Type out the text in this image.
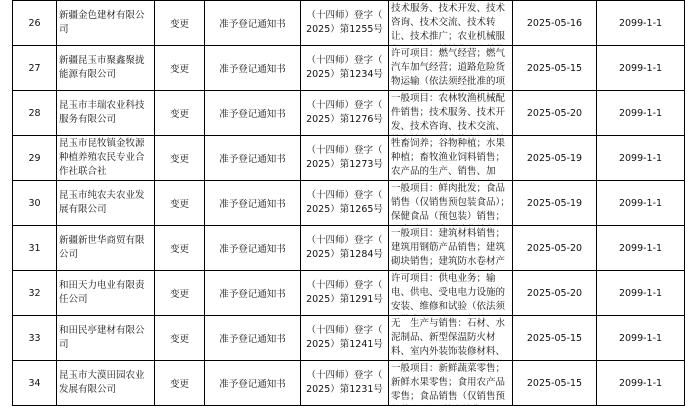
26	新疆金色建材有限公司	变更	准予登记通知书	（十四师）登字（
2025）第1255号	技术服务、技术开发、技术咨询、技术交流、技术转让、技术推广；农业机械服	2025-05-16	2099-1-1
27	新疆昆玉市聚鑫聚拢能源有限公司	变更	准予登记通知书	（十四师）登字（
2025）第1234号	许可项目：燃气经营；燃气汽车加气经营；道路危险货物运输（依法须经批准的项	2025-05-15	2099-1-1
28	昆玉市丰瑞农业科技服务有限公司	变更	准予登记通知书	（十四师）登字（
2025）第1276号	一般项目：农林牧渔机械配件销售；技术服务、技术开发、技术咨询、技术交流、	2025-05-20	2099-1-1
29	昆玉市昆牧镇金牧源种植养殖农民专业合作社联合社	变更	准予登记通知书	（十四师）登字（
2025）第1273号	牲畜饲养；谷物种植；水果种植；畜牧渔业饲料销售；农产品的生产、销售、加	2025-05-19	2099-1-1
30	昆玉市纯农夫农业发展有限公司	变更	准予登记通知书	（十四师）登字（
2025）第1265号	一般项目：鲜肉批发；食品销售（仅销售预包装食品）；保健食品（预包装）销售；	2025-05-19	2099-1-1
31	新疆新世华商贸有限公司	变更	准予登记通知书	（十四师）登字（
2025）第1284号	一般项目：建筑材料销售；建筑用钢筋产品销售；建筑砌块销售；建筑防水卷材产	2025-05-20	2099-1-1
32	和田天力电业有限责任公司	变更	准予登记通知书	（十四师）登字（
2025）第1291号	许可项目：供电业务；输电、供电、受电电力设施的安装、维修和试验（依法须	2025-05-20	2099-1-1
33	和田民亭建材有限公司	变更	准予登记通知书	（十四师）登字（
2025）第1241号	无　生产与销售：石材、水泥制品、新型保温防火材料、室内外装饰装修材料、	2025-05-15	2099-1-1
34	昆玉市大漠田园农业发展有限公司	变更	准予登记通知书	（十四师）登字（
2025）第1231号	一般项目：新鲜蔬菜零售；新鲜水果零售；食用农产品零售；食品销售（仅销售预	2025-05-15	2099-1-1
